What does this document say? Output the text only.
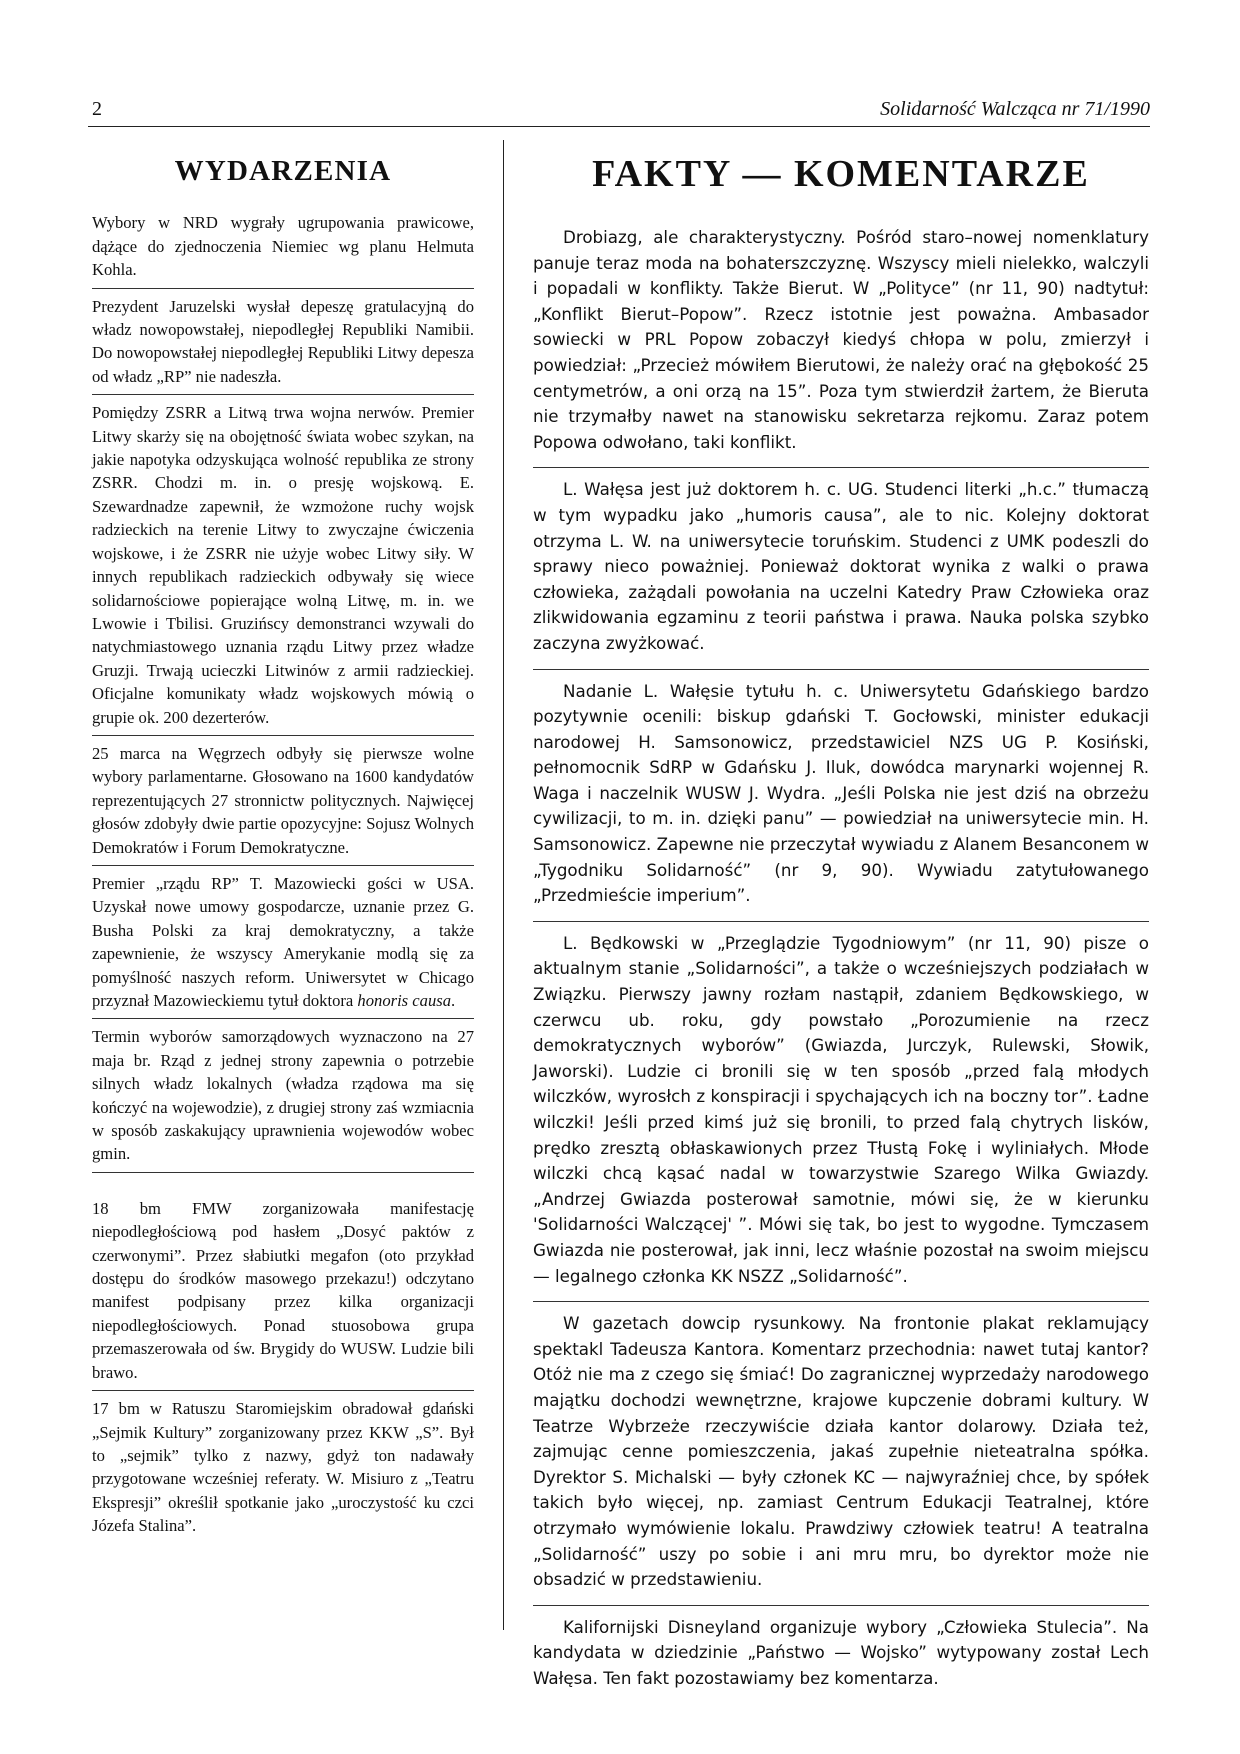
2	Solidarność Walcząca nr 71/1990
WYDARZENIA

Wybory w NRD wygrały ugrupowania prawicowe, dążące do zjednoczenia Niemiec wg planu Helmuta Kohla.

Prezydent Jaruzelski wysłał depeszę gratulacyjną do władz nowopowstałej, niepodległej Republiki Namibii. Do nowopowstałej niepodległej Republiki Litwy depesza od władz „RP” nie nadeszła.

Pomiędzy ZSRR a Litwą trwa wojna nerwów. Premier Litwy skarży się na obojętność świata wobec szykan, na jakie napotyka odzyskująca wolność republika ze strony ZSRR. Chodzi m. in. o presję wojskową. E. Szewardnadze zapewnił, że wzmożone ruchy wojsk radzieckich na terenie Litwy to zwyczajne ćwiczenia wojskowe, i że ZSRR nie użyje wobec Litwy siły. W innych republikach radzieckich odbywały się wiece solidarnościowe popierające wolną Litwę, m. in. we Lwowie i Tbilisi. Gruzińscy demonstranci wzywali do natychmiastowego uznania rządu Litwy przez władze Gruzji. Trwają ucieczki Litwinów z armii radzieckiej. Oficjalne komunikaty władz wojskowych mówią o grupie ok. 200 dezerterów.

25 marca na Węgrzech odbyły się pierwsze wolne wybory parlamentarne. Głosowano na 1600 kandydatów reprezentujących 27 stronnictw politycznych. Najwięcej głosów zdobyły dwie partie opozycyjne: Sojusz Wolnych Demokratów i Forum Demokratyczne.

Premier „rządu RP” T. Mazowiecki gości w USA. Uzyskał nowe umowy gospodarcze, uznanie przez G. Busha Polski za kraj demokratyczny, a także zapewnienie, że wszyscy Amerykanie modlą się za pomyślność naszych reform. Uniwersytet w Chicago przyznał Mazowieckiemu tytuł doktora honoris causa.

Termin wyborów samorządowych wyznaczono na 27 maja br. Rząd z jednej strony zapewnia o potrzebie silnych władz lokalnych (władza rządowa ma się kończyć na wojewodzie), z drugiej strony zaś wzmiacnia w sposób zaskakujący uprawnienia wojewodów wobec gmin.

18 bm FMW zorganizowała manifestację niepodległościową pod hasłem „Dosyć paktów z czerwonymi”. Przez słabiutki megafon (oto przykład dostępu do środków masowego przekazu!) odczytano manifest podpisany przez kilka organizacji niepodległościowych. Ponad stuosobowa grupa przemaszerowała od św. Brygidy do WUSW. Ludzie bili brawo.

17 bm w Ratuszu Staromiejskim obradował gdański „Sejmik Kultury” zorganizowany przez KKW „S”. Był to „sejmik” tylko z nazwy, gdyż ton nadawały przygotowane wcześniej referaty. W. Misiuro z „Teatru Ekspresji” określił spotkanie jako „uroczystość ku czci Józefa Stalina”.

FAKTY — KOMENTARZE

Drobiazg, ale charakterystyczny. Pośród staro–nowej nomenklatury panuje teraz moda na bohaterszczyznę. Wszyscy mieli nielekko, walczyli i popadali w konflikty. Także Bierut. W „Polityce” (nr 11, 90) nadtytuł: „Konflikt Bierut–Popow”. Rzecz istotnie jest poważna. Ambasador sowiecki w PRL Popow zobaczył kiedyś chłopa w polu, zmierzył i powiedział: „Przecież mówiłem Bierutowi, że należy orać na głębokość 25 centymetrów, a oni orzą na 15”. Poza tym stwierdził żartem, że Bieruta nie trzymałby nawet na stanowisku sekretarza rejkomu. Zaraz potem Popowa odwołano, taki konflikt.

L. Wałęsa jest już doktorem h. c. UG. Studenci literki „h.c.” tłumaczą w tym wypadku jako „humoris causa”, ale to nic. Kolejny doktorat otrzyma L. W. na uniwersytecie toruńskim. Studenci z UMK podeszli do sprawy nieco poważniej. Ponieważ doktorat wynika z walki o prawa człowieka, zażądali powołania na uczelni Katedry Praw Człowieka oraz zlikwidowania egzaminu z teorii państwa i prawa. Nauka polska szybko zaczyna zwyżkować.

Nadanie L. Wałęsie tytułu h. c. Uniwersytetu Gdańskiego bardzo pozytywnie ocenili: biskup gdański T. Gocłowski, minister edukacji narodowej H. Samsonowicz, przedstawiciel NZS UG P. Kosiński, pełnomocnik SdRP w Gdańsku J. Iluk, dowódca marynarki wojennej R. Waga i naczelnik WUSW J. Wydra. „Jeśli Polska nie jest dziś na obrzeżu cywilizacji, to m. in. dzięki panu” — powiedział na uniwersytecie min. H. Samsonowicz. Zapewne nie przeczytał wywiadu z Alanem Besanconem w „Tygodniku Solidarność” (nr 9, 90). Wywiadu zatytułowanego „Przedmieście imperium”.

L. Będkowski w „Przeglądzie Tygodniowym” (nr 11, 90) pisze o aktualnym stanie „Solidarności”, a także o wcześniejszych podziałach w Związku. Pierwszy jawny rozłam nastąpił, zdaniem Będkowskiego, w czerwcu ub. roku, gdy powstało „Porozumienie na rzecz demokratycznych wyborów” (Gwiazda, Jurczyk, Rulewski, Słowik, Jaworski). Ludzie ci bronili się w ten sposób „przed falą młodych wilczków, wyrosłch z konspiracji i spychających ich na boczny tor”. Ładne wilczki! Jeśli przed kimś już się bronili, to przed falą chytrych lisków, prędko zresztą obłaskawionych przez Tłustą Fokę i wyliniałych. Młode wilczki chcą kąsać nadal w towarzystwie Szarego Wilka Gwiazdy. „Andrzej Gwiazda posterował samotnie, mówi się, że w kierunku 'Solidarności Walczącej' ”. Mówi się tak, bo jest to wygodne. Tymczasem Gwiazda nie posterował, jak inni, lecz właśnie pozostał na swoim miejscu — legalnego członka KK NSZZ „Solidarność”.

W gazetach dowcip rysunkowy. Na frontonie plakat reklamujący spektakl Tadeusza Kantora. Komentarz przechodnia: nawet tutaj kantor? Otóż nie ma z czego się śmiać! Do zagranicznej wyprzedaży narodowego majątku dochodzi wewnętrzne, krajowe kupczenie dobrami kultury. W Teatrze Wybrzeże rzeczywiście działa kantor dolarowy. Działa też, zajmując cenne pomieszczenia, jakaś zupełnie nieteatralna spółka. Dyrektor S. Michalski — były członek KC — najwyraźniej chce, by spółek takich było więcej, np. zamiast Centrum Edukacji Teatralnej, które otrzymało wymówienie lokalu. Prawdziwy człowiek teatru! A teatralna „Solidarność” uszy po sobie i ani mru mru, bo dyrektor może nie obsadzić w przedstawieniu.

Kalifornijski Disneyland organizuje wybory „Człowieka Stulecia”. Na kandydata w dziedzinie „Państwo — Wojsko” wytypowany został Lech Wałęsa. Ten fakt pozostawiamy bez komentarza.
